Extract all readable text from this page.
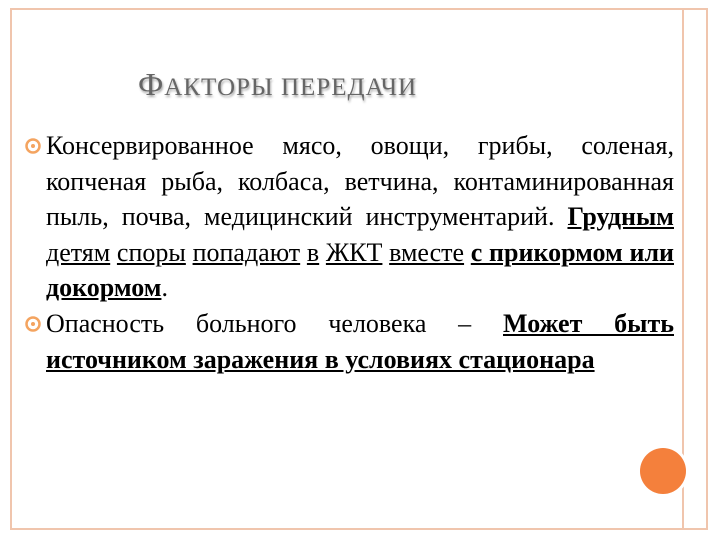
ФАКТОРЫ ПЕРЕДАЧИ

Консервированное мясо, овощи, грибы, соленая, копченая рыба, колбаса, ветчина, контаминированная пыль, почва, медицинский инструментарий. Грудным детям споры попадают в ЖКТ вместе с прикормом или докормом.

Опасность больного человека – Может быть источником заражения в условиях стационара
